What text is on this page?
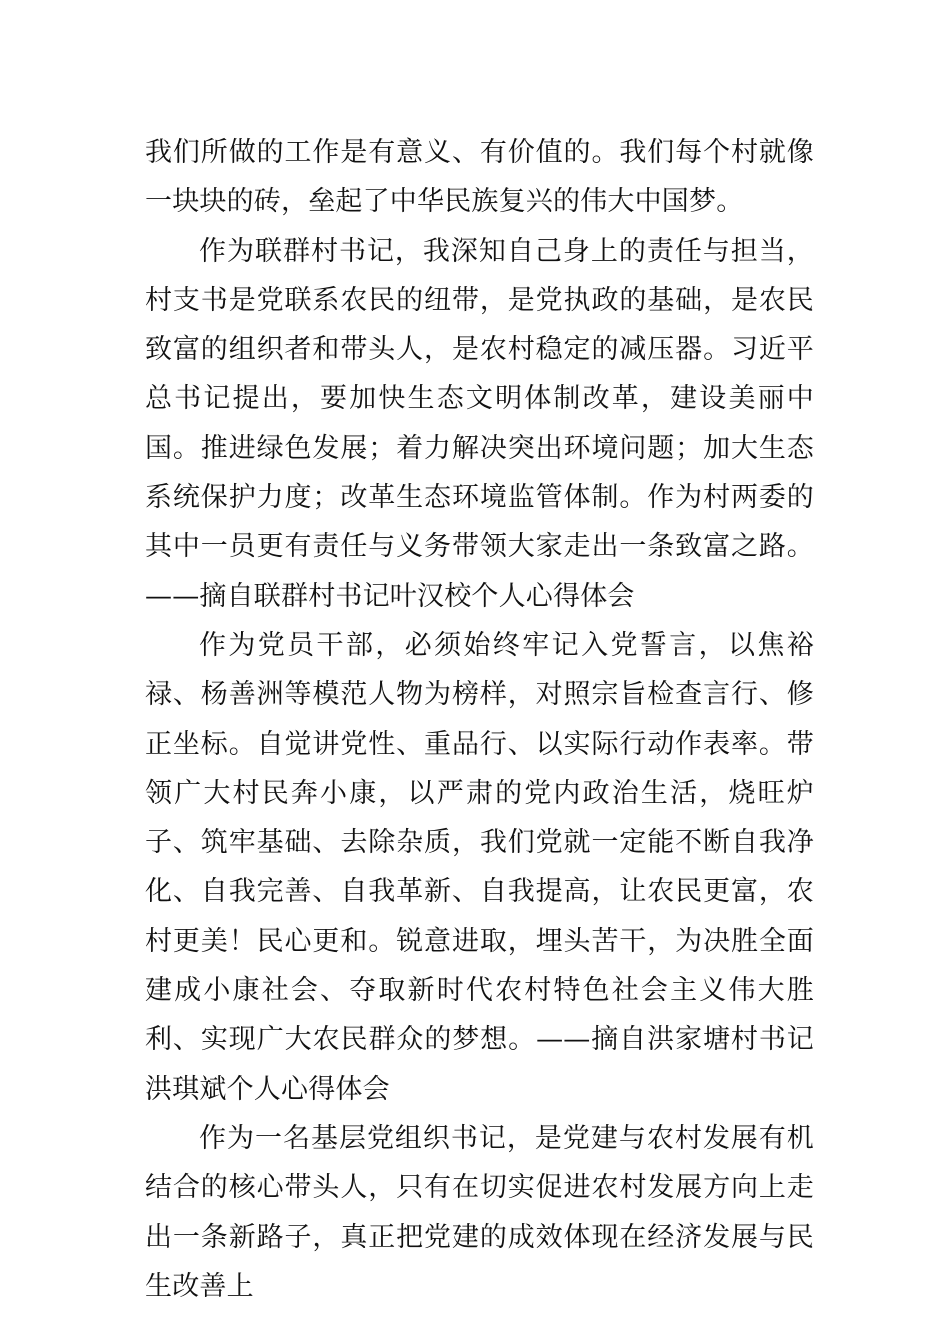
我们所做的工作是有意义、有价值的。我们每个村就像一块块的砖，垒起了中华民族复兴的伟大中国梦。

作为联群村书记，我深知自己身上的责任与担当，村支书是党联系农民的纽带，是党执政的基础，是农民致富的组织者和带头人，是农村稳定的减压器。习近平总书记提出，要加快生态文明体制改革，建设美丽中国。推进绿色发展；着力解决突出环境问题；加大生态系统保护力度；改革生态环境监管体制。作为村两委的其中一员更有责任与义务带领大家走出一条致富之路。——摘自联群村书记叶汉校个人心得体会

作为党员干部，必须始终牢记入党誓言，以焦裕禄、杨善洲等模范人物为榜样，对照宗旨检查言行、修正坐标。自觉讲党性、重品行、以实际行动作表率。带领广大村民奔小康，以严肃的党内政治生活，烧旺炉子、筑牢基础、去除杂质，我们党就一定能不断自我净化、自我完善、自我革新、自我提高，让农民更富，农村更美！民心更和。锐意进取，埋头苦干，为决胜全面建成小康社会、夺取新时代农村特色社会主义伟大胜利、实现广大农民群众的梦想。——摘自洪家塘村书记洪琪斌个人心得体会

作为一名基层党组织书记，是党建与农村发展有机结合的核心带头人，只有在切实促进农村发展方向上走出一条新路子，真正把党建的成效体现在经济发展与民生改善上
